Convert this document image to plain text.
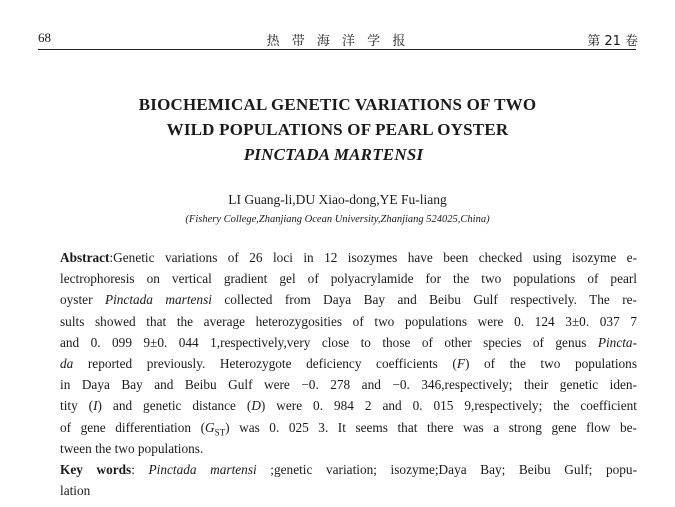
68	热 带 海 洋 学 报	第 21 卷
BIOCHEMICAL GENETIC VARIATIONS OF TWO
WILD POPULATIONS OF PEARL OYSTER
PINCTADA MARTENSI
LI Guang-li,DU Xiao-dong,YE Fu-liang
(Fishery College,Zhanjiang Ocean University,Zhanjiang 524025,China)
Abstract:Genetic variations of 26 loci in 12 isozymes have been checked using isozyme e-
lectrophoresis on vertical gradient gel of polyacrylamide for the two populations of pearl
oyster Pinctada martensi collected from Daya Bay and Beibu Gulf respectively. The re-
sults showed that the average heterozygosities of two populations were 0. 124 3±0. 037 7
and 0. 099 9±0. 044 1,respectively,very close to those of other species of genus Pincta-
da reported previously. Heterozygote deficiency coefficients (F) of the two populations
in Daya Bay and Beibu Gulf were −0. 278 and −0. 346,respectively; their genetic iden-
tity (I) and genetic distance (D) were 0. 984 2 and 0. 015 9,respectively; the coefficient
of gene differentiation $(G_{ST})$ was 0. 025 3. It seems that there was a strong gene flow be-
tween the two populations.
Key words: Pinctada martensi ;genetic variation; isozyme;Daya Bay; Beibu Gulf; popu-
lation
